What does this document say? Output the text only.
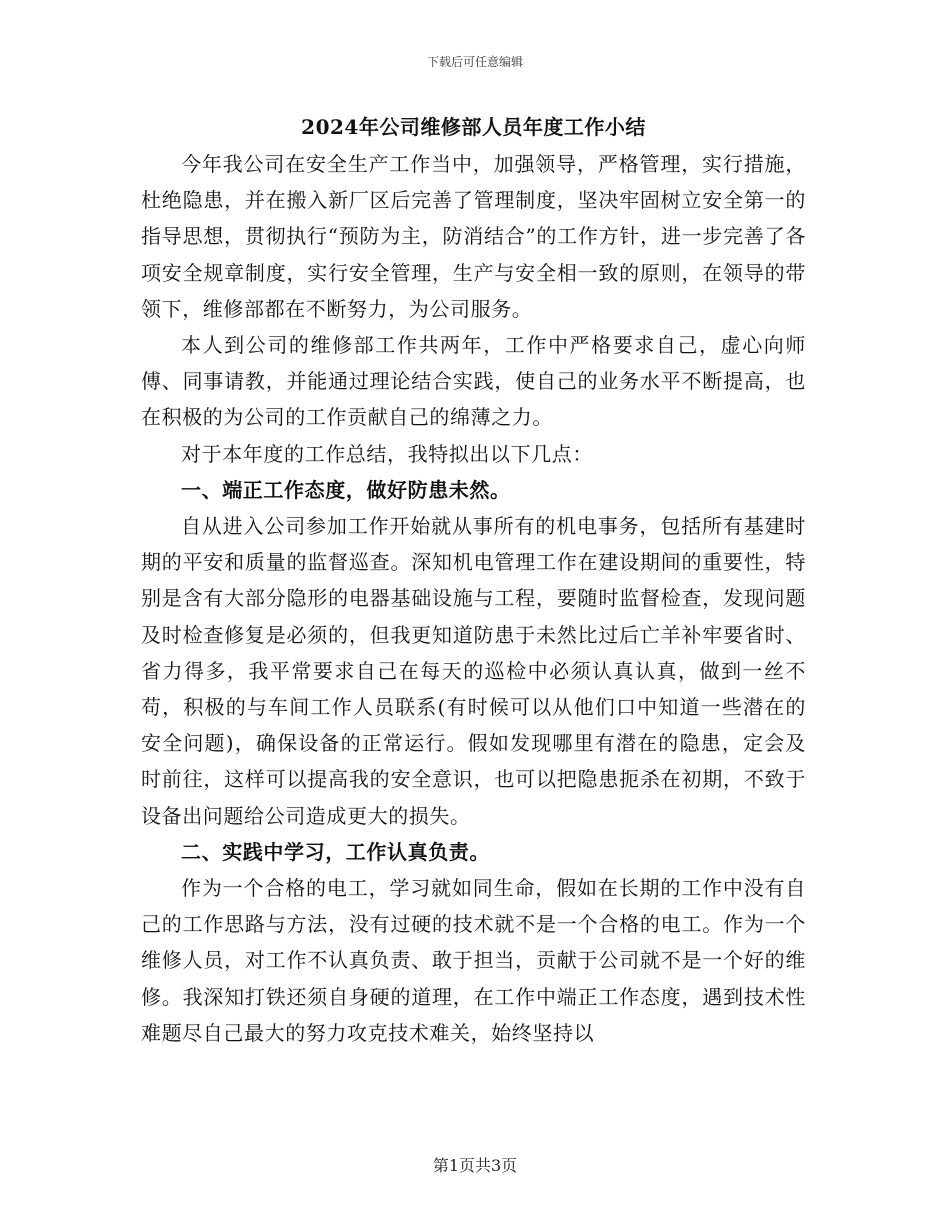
下载后可任意编辑
2024年公司维修部人员年度工作小结

今年我公司在安全生产工作当中，加强领导，严格管理，实行措施，杜绝隐患，并在搬入新厂区后完善了管理制度，坚决牢固树立安全第一的指导思想，贯彻执行“预防为主，防消结合”的工作方针，进一步完善了各项安全规章制度，实行安全管理，生产与安全相一致的原则，在领导的带领下，维修部都在不断努力，为公司服务。

本人到公司的维修部工作共两年，工作中严格要求自己，虚心向师傅、同事请教，并能通过理论结合实践，使自己的业务水平不断提高，也在积极的为公司的工作贡献自己的绵薄之力。

对于本年度的工作总结，我特拟出以下几点：

一、端正工作态度，做好防患未然。

自从进入公司参加工作开始就从事所有的机电事务，包括所有基建时期的平安和质量的监督巡查。深知机电管理工作在建设期间的重要性，特别是含有大部分隐形的电器基础设施与工程，要随时监督检查，发现问题及时检查修复是必须的，但我更知道防患于未然比过后亡羊补牢要省时、省力得多，我平常要求自己在每天的巡检中必须认真认真，做到一丝不苟，积极的与车间工作人员联系(有时候可以从他们口中知道一些潜在的安全问题)，确保设备的正常运行。假如发现哪里有潜在的隐患，定会及时前往，这样可以提高我的安全意识，也可以把隐患扼杀在初期，不致于设备出问题给公司造成更大的损失。

二、实践中学习，工作认真负责。

作为一个合格的电工，学习就如同生命，假如在长期的工作中没有自己的工作思路与方法，没有过硬的技术就不是一个合格的电工。作为一个维修人员，对工作不认真负责、敢于担当，贡献于公司就不是一个好的维修。我深知打铁还须自身硬的道理，在工作中端正工作态度，遇到技术性难题尽自己最大的努力攻克技术难关，始终坚持以

第1页共3页
